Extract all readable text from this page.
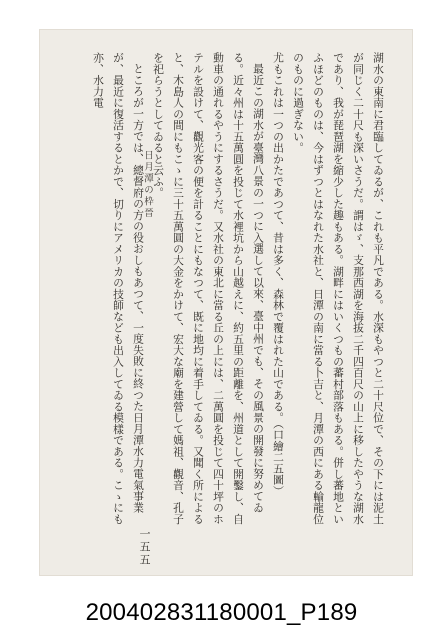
湖水の東南に君臨してゐるが、これも平凡である。水深もやつと二十尺位で、その下には泥土が同じく二十尺も深いさうだ。謂はゞ、支那西湖を海拔二千四百尺の山上に移したやうな湖水であり、我が琵琶湖を縮少した趣もある。湖畔にはいくつもの蕃村部落もある。併し蕃地といふほどのものは、今はずつとはなれた水社と、日潭の南に當る卜吉と、月潭の西にある輸龍位のものに過ぎない。

尤もこれは一つの出かたであつて、昔は多く、森林で覆はれた山である。（口繪二五圖）

最近この湖水が臺灣八景の一つに入選して以來、臺中州でも、その風景の開發に努めてゐる。近々州は十五萬圓を投じて水裡坑から山越えに、約五里の距離を、州道として開鑿し、自動車の通れるやうにするさうだ。又水社の東北に當る丘の上には、二萬圓を投じて四十坪のホテルを設けて、觀光客の便を計ることにもなつて、既に地均に着手してゐる。又聞く所によると、木島人の間にもこゝに三十五萬圓の大金をかけて、宏大な廟を建營して媽祖、觀音、孔子を祀らうとしてゐると云ふ。

ところが一方では、總督府の方の役おしもあつて、一度失敗に終つた日月潭水力電氣事業が、最近に復活するとかで、切りにアメリカの技師なども出入してゐる模樣である。こゝにも亦、水力電

日月潭の枠晉
一五五
200402831180001_P189
